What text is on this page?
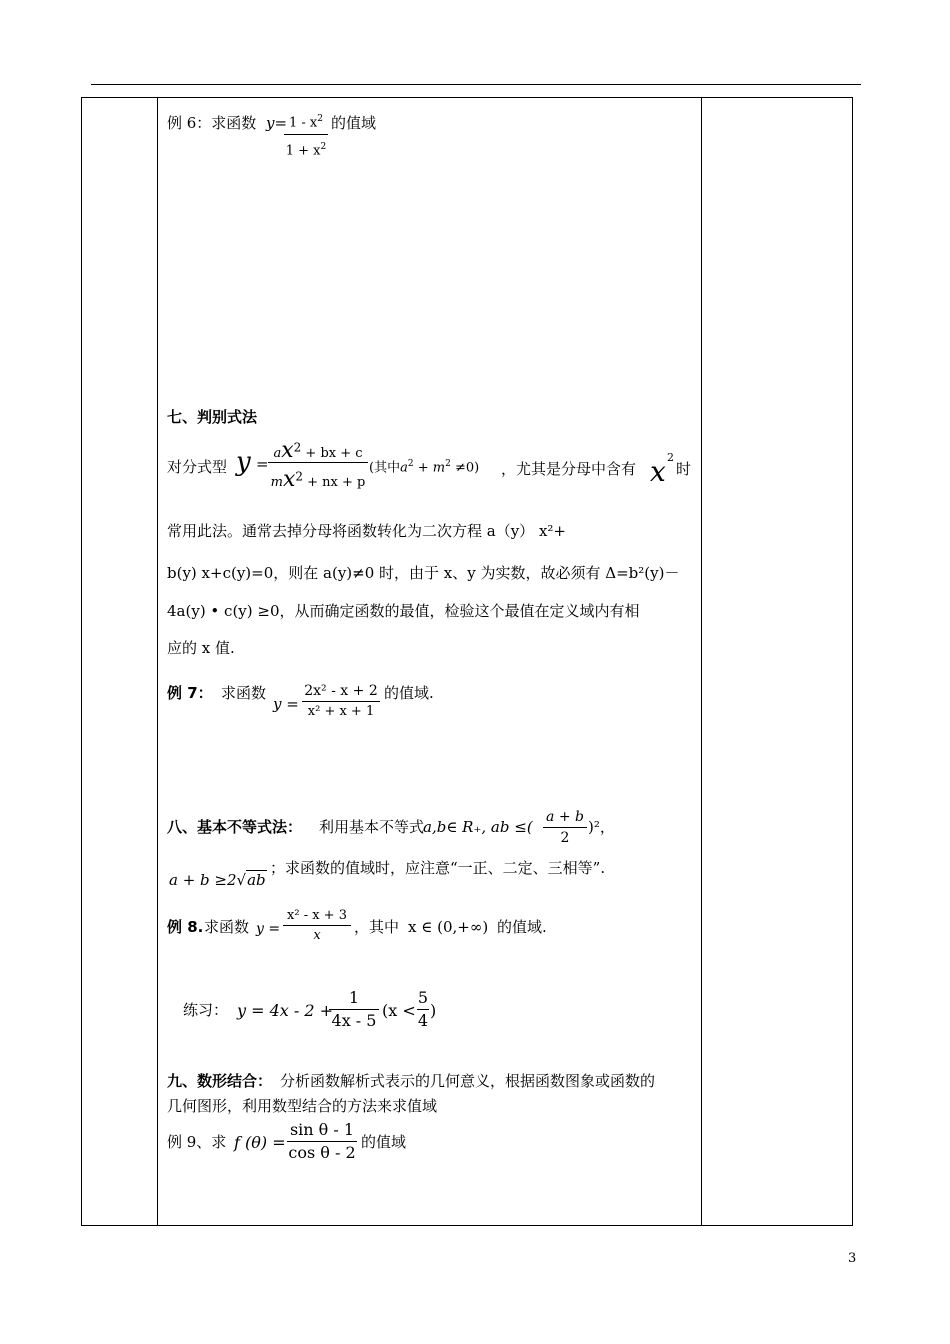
例 6：求函数 $y= 1 - x^2$
$1 + x^2$
的值域
七、判别式法
对分式型 y =
$ax^2$ + bx + c
$mx^2$ + nx + p
(其中$a^2 + m^2 \ne 0$) ，尤其是分母中含有 x 2
时
常用此法。通常去掉分母将函数转化为二次方程 a（y） x²+
b(y) x+c(y)=0，则在 a(y)≠0 时，由于 x、y 为实数，故必须有 Δ=b²(y)－
4a(y) • c(y) ≥0，从而确定函数的最值，检验这个最值在定义域内有相
应的 x 值.
例 7： 求函数
y =
2x² - x + 2
x² + x + 1
的值域.
八、基本不等式法： 利用基本不等式
a,b∈ R₊, ab ≤(
a + b
2
)²，
a + b ≥2√ab
；求函数的值域时，应注意“一正、二定、三相等”.
例 8. 求函数 y =
x² - x + 3
x	，其中 x ∈ (0,+∞) 的值域.
练习： y = 4x - 2 +
1
4x - 5
(x <
5
4
)
九、数形结合： 分析函数解析式表示的几何意义，根据函数图象或函数的
几何图形，利用数型结合的方法来求值域
例 9、求 f (θ) =
sin θ - 1
cos θ - 2
的值域
3
